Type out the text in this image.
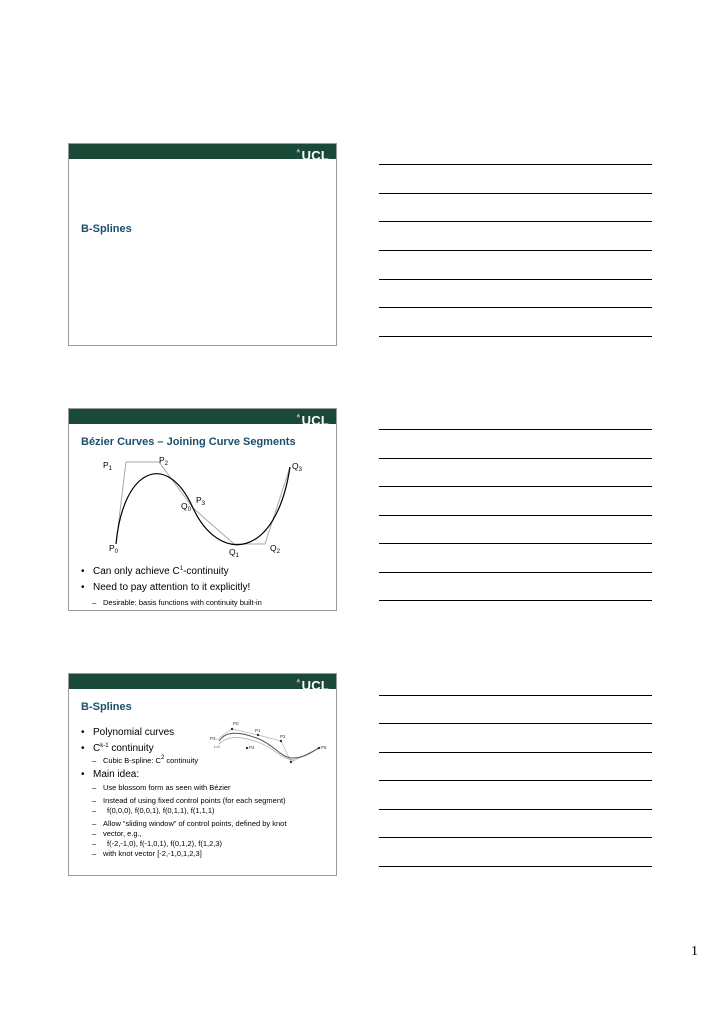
≜UCL
B-Splines
≜UCL
Bézier Curves – Joining Curve Segments
$P_2$
$P_1$	$Q_3$
$P_3$
$Q_0$
$P_0$	$Q_2$
$Q_1$
• Can only achieve $C^1$-continuity
• Need to pay attention to it explicitly!
– Desirable: basis functions with continuity built-in
≜UCL
B-Splines
P0
P1
P2
P3
P4	P5
t=0
• Polynomial curves
• $C^{k-1}$ continuity
– Cubic B-spline: $C^2$ continuity
• Main idea:
– Use blossom form as seen with Bézier
– Instead of using fixed control points (for each segment)
– f(0,0,0), f(0,0,1), f(0,1,1), f(1,1,1)
– Allow “sliding window” of control points, defined by knot
– vector, e.g.,
– f(-2,-1,0), f(-1,0,1), f(0,1,2), f(1,2,3)
– with knot vector [-2,-1,0,1,2,3]
1
